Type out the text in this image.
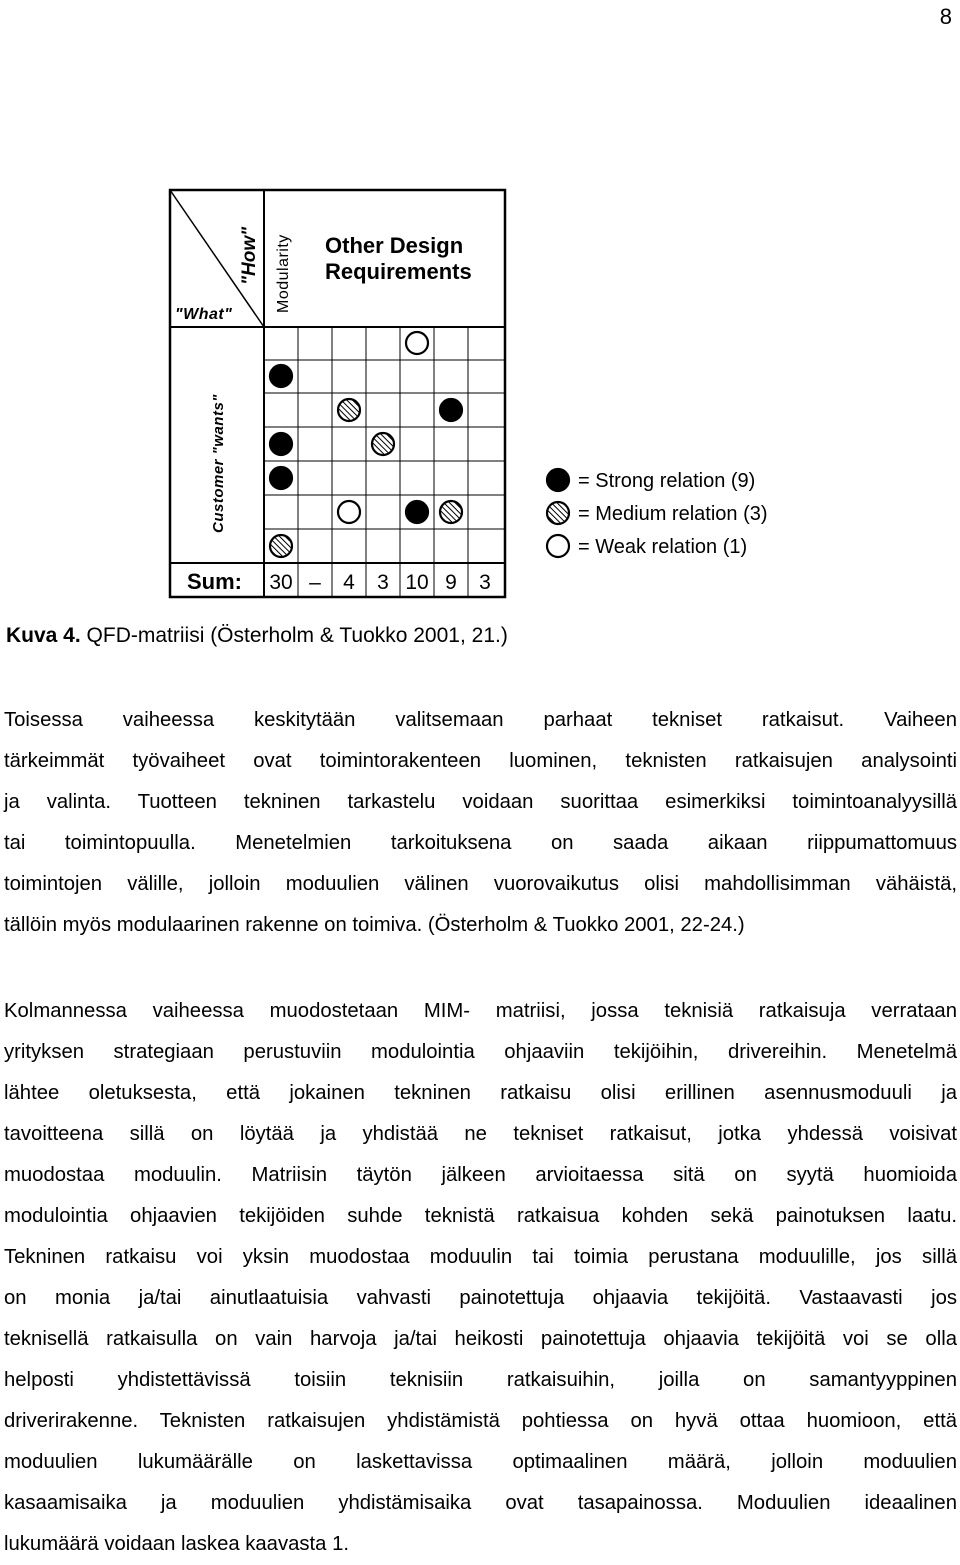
8
"How"
"What"
Modularity Other Design
Requirements
Customer "wants"
Sum: 30 – 4 3 10 9 3
= Strong relation (9)
= Medium relation (3)
= Weak relation (1)
Kuva 4. QFD-matriisi (Österholm & Tuokko 2001, 21.)
Toisessa vaiheessa keskitytään valitsemaan parhaat tekniset ratkaisut. Vaiheen
tärkeimmät työvaiheet ovat toimintorakenteen luominen, teknisten ratkaisujen analysointi
ja valinta. Tuotteen tekninen tarkastelu voidaan suorittaa esimerkiksi toimintoanalyysillä
tai toimintopuulla. Menetelmien tarkoituksena on saada aikaan riippumattomuus
toimintojen välille, jolloin moduulien välinen vuorovaikutus olisi mahdollisimman vähäistä,
tällöin myös modulaarinen rakenne on toimiva. (Österholm & Tuokko 2001, 22-24.)
Kolmannessa vaiheessa muodostetaan MIM- matriisi, jossa teknisiä ratkaisuja verrataan
yrityksen strategiaan perustuviin modulointia ohjaaviin tekijöihin, drivereihin. Menetelmä
lähtee oletuksesta, että jokainen tekninen ratkaisu olisi erillinen asennusmoduuli ja
tavoitteena sillä on löytää ja yhdistää ne tekniset ratkaisut, jotka yhdessä voisivat
muodostaa moduulin. Matriisin täytön jälkeen arvioitaessa sitä on syytä huomioida
modulointia ohjaavien tekijöiden suhde teknistä ratkaisua kohden sekä painotuksen laatu.
Tekninen ratkaisu voi yksin muodostaa moduulin tai toimia perustana moduulille, jos sillä
on monia ja/tai ainutlaatuisia vahvasti painotettuja ohjaavia tekijöitä. Vastaavasti jos
teknisellä ratkaisulla on vain harvoja ja/tai heikosti painotettuja ohjaavia tekijöitä voi se olla
helposti yhdistettävissä toisiin teknisiin ratkaisuihin, joilla on samantyyppinen
driverirakenne. Teknisten ratkaisujen yhdistämistä pohtiessa on hyvä ottaa huomioon, että
moduulien lukumäärälle on laskettavissa optimaalinen määrä, jolloin moduulien
kasaamisaika ja moduulien yhdistämisaika ovat tasapainossa. Moduulien ideaalinen
lukumäärä voidaan laskea kaavasta 1.
